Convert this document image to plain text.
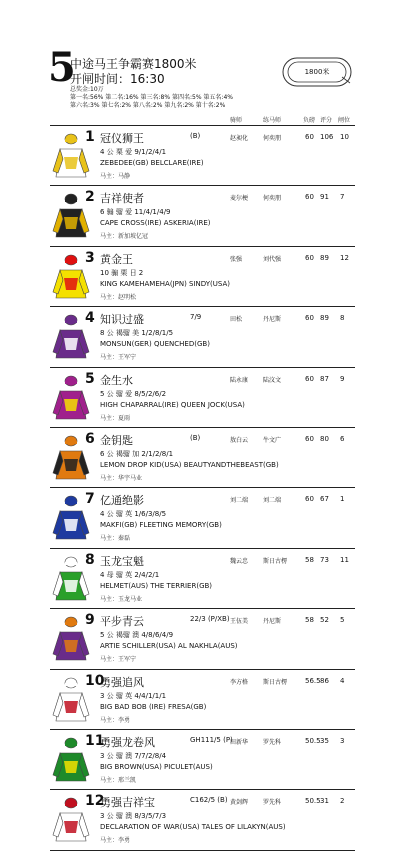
5
中途马王争霸赛1800米
开闸时间：16:30
总奖金:10万
第一名:56% 第二名:16% 第三名:8% 第四名:5% 第五名:4%
第六名:3% 第七名:2% 第八名:2% 第九名:2% 第十名:2%
1800米
骑师	练马师	负磅 评分 闸位
1 冠仪狮王	(B)
4 公 栗 爱 9/1/2/4/1
ZEBEDEE(GB) BELCLARE(IRE)
马主：马静
赵昶化 何奕朋	60 106 10
2 吉祥使者
6 骟 骝 爱 11/4/1/4/9
CAPE CROSS(IRE) ASKERIA(IRE)
马主：新加坡亿冠
麦尔梗 何奕朋	60 91 7
3 黄金王
10 骟 栗 日 2
KING KAMEHAMEHA(JPN) SINDY(USA)
马主：赵明松
张强	刘代强	60 89 12
4 知识过盛	7/9
8 公 褐骝 美 1/2/8/1/5
MONSUN(GER) QUENCHED(GB)
马主：王军宁
田松	丹尼斯	60 89 8
5 金生水
5 公 骝 爱 8/5/2/6/2
HIGH CHAPARRAL(IRE) QUEEN JOCK(USA)
马主：夏雨
陆永康 陆汶文	60 87 9
6 金钥匙	(B)
6 公 褐骝 加 2/1/2/8/1
LEMON DROP KID(USA) BEAUTYANDTHEBEAST(GB)
马主：华宇马业
敖白云 牛文广	60 80 6
7 亿通绝影
4 公 骝 英 1/6/3/8/5
MAKFI(GB) FLEETING MEMORY(GB)
马主：秦磊
刘二端 刘二端	60 67 1
8 玉龙宝魁
4 母 骝 英 2/4/2/1
HELMET(AUS) THE TERRIER(GB)
马主：玉龙马业
魏云忠 斯日古楞	58 73 11
9 平步青云	22/3 (P/XB)
5 公 褐骝 澳 4/8/6/4/9
ARTIE SCHILLER(USA) AL NAKHLA(AUS)
马主：王军宁
王伍美 丹尼斯	58 52 5
10
勇强追风
3 公 骝 英 4/4/1/1/1
BIG BAD BOB (IRE) FRESA(GB)
马主：李勇
李方格 斯日古楞	56.5 86 4
11
勇强龙卷风	GH111/5 (P)
3 公 骝 澳 7/7/2/8/4
BIG BROWN(USA) PICULET(AUS)
马主：邢兰凯
田新华 罗先科	50.5 35 3
12
勇强吉祥宝	C162/5 (B)
3 公 骝 澳 8/3/5/7/3
DECLARATION OF WAR(USA) TALES OF LILAKYN(AUS)
马主：李勇
黄剑辉 罗先科	50.5 31 2
